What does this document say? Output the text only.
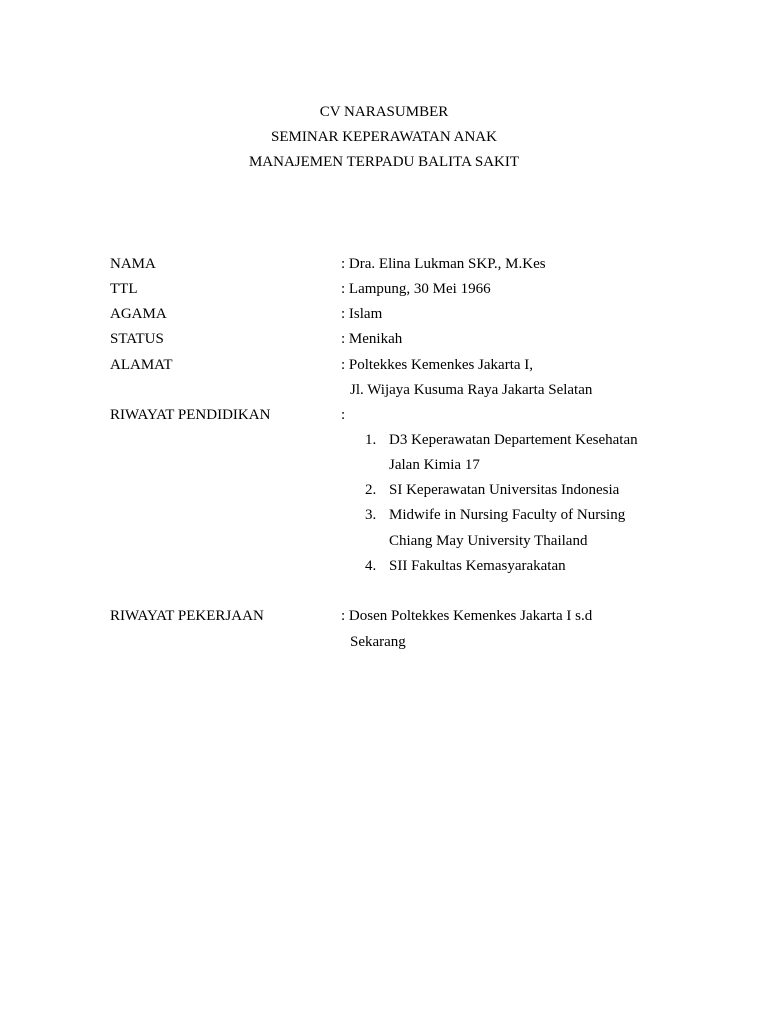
CV NARASUMBER
SEMINAR KEPERAWATAN ANAK
MANAJEMEN TERPADU BALITA SAKIT
NAMA	: Dra. Elina Lukman SKP., M.Kes
TTL	: Lampung, 30 Mei 1966
AGAMA	: Islam
STATUS	: Menikah
ALAMAT	: Poltekkes Kemenkes Jakarta I,
Jl. Wijaya Kusuma Raya Jakarta Selatan
RIWAYAT PENDIDIKAN	:
1. D3 Keperawatan Departement Kesehatan
Jalan Kimia 17
2. SI Keperawatan Universitas Indonesia
3. Midwife in Nursing Faculty of Nursing
Chiang May University Thailand
4. SII Fakultas Kemasyarakatan
RIWAYAT PEKERJAAN	: Dosen Poltekkes Kemenkes Jakarta I s.d
Sekarang
